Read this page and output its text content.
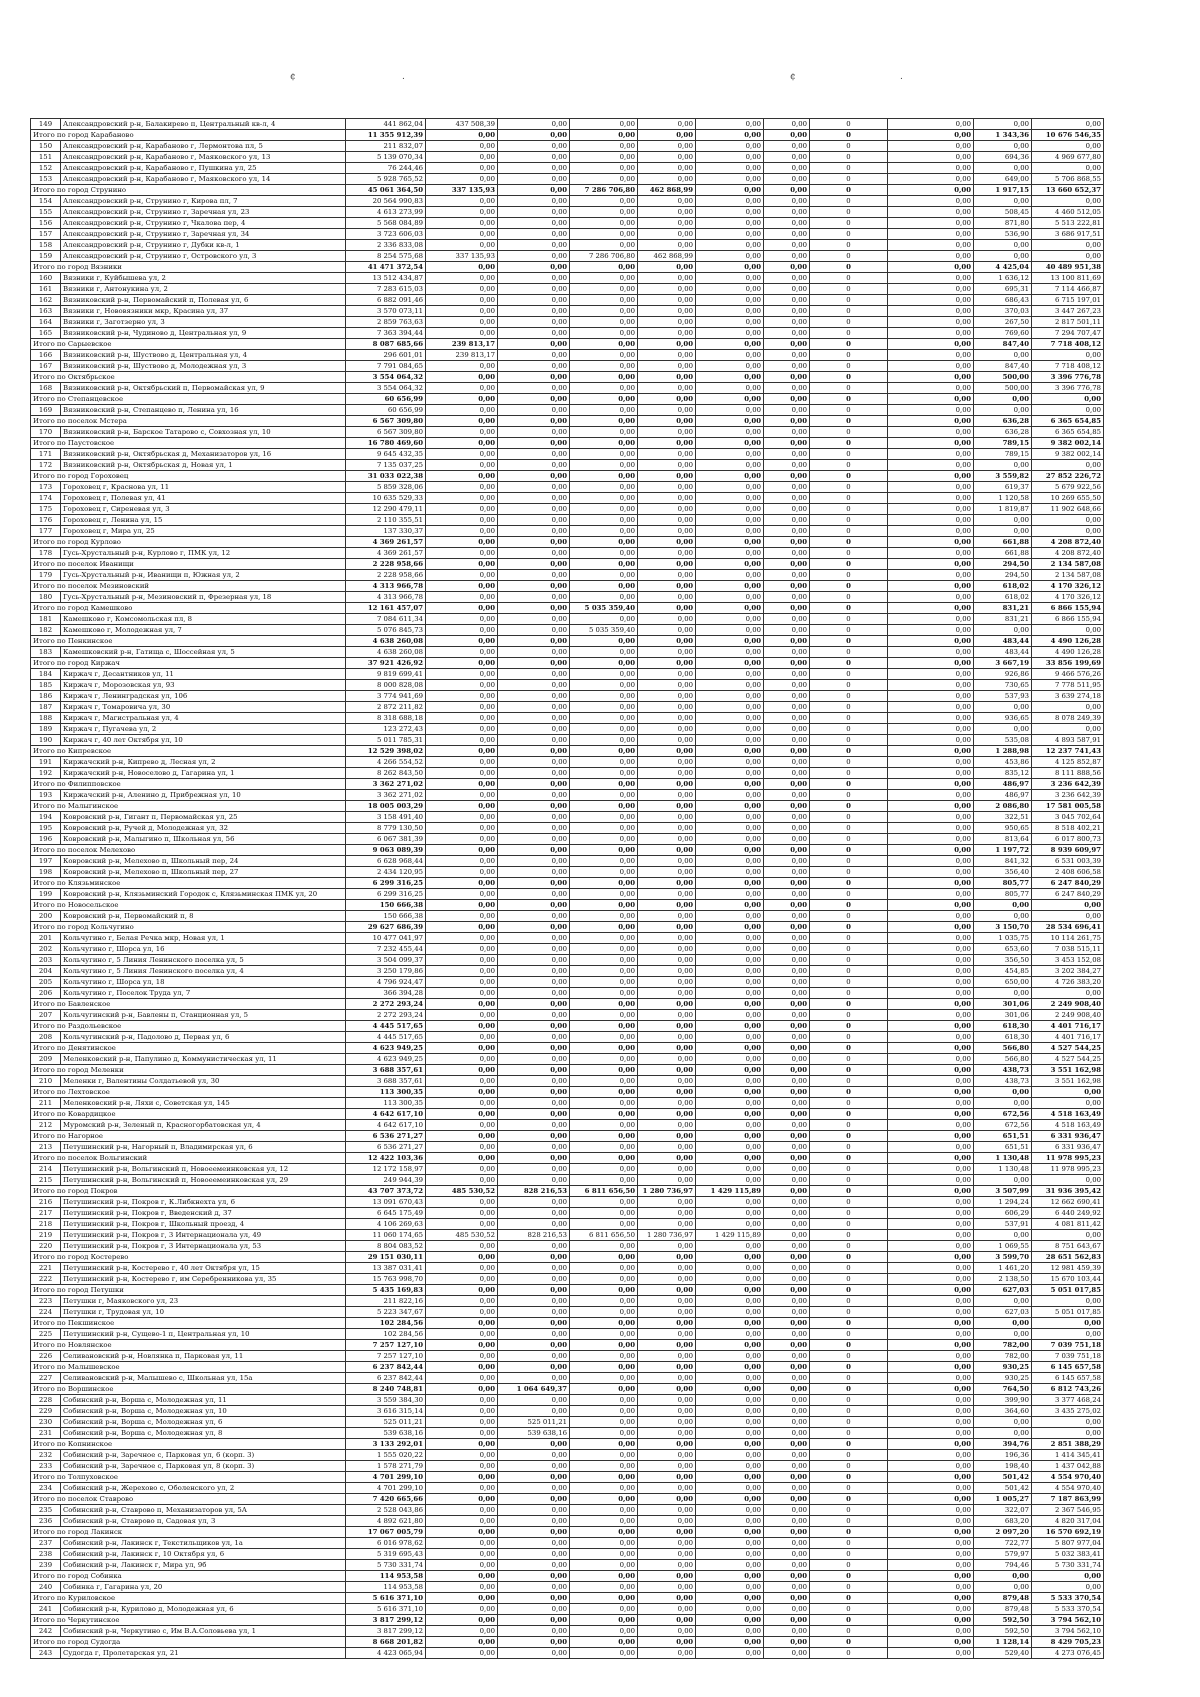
¢	.	¢	.
149	Александровский р-н, Балакирево п, Центральный кв-л, 4	441 862,04	437 508,39	0,00	0,00	0,00	0,00	0,00	0	0,00	0,00	0,00
Итого по город Карабаново		11 355 912,39	0,00	0,00	0,00	0,00	0,00	0,00	0	0,00	1 343,36	10 676 546,35
150	Александровский р-н, Карабаново г, Лермонтова пл, 5	211 832,07	0,00	0,00	0,00	0,00	0,00	0,00	0	0,00	0,00	0,00
151	Александровский р-н, Карабаново г, Маяковского ул, 13	5 139 070,34	0,00	0,00	0,00	0,00	0,00	0,00	0	0,00	694,36	4 969 677,80
152	Александровский р-н, Карабаново г, Пушкина ул, 25	76 244,46	0,00	0,00	0,00	0,00	0,00	0,00	0	0,00	0,00	0,00
153	Александровский р-н, Карабаново г, Маяковского ул, 14	5 928 765,52	0,00	0,00	0,00	0,00	0,00	0,00	0	0,00	649,00	5 706 868,55
Итого по город Струнино		45 061 364,50	337 135,93	0,00	7 286 706,80	462 868,99	0,00	0,00	0	0,00	1 917,15	13 660 652,37
154	Александровский р-н, Струнино г, Кирова пл, 7	20 564 990,83	0,00	0,00	0,00	0,00	0,00	0,00	0	0,00	0,00	0,00
155	Александровский р-н, Струнино г, Заречная ул, 23	4 613 273,99	0,00	0,00	0,00	0,00	0,00	0,00	0	0,00	508,45	4 460 512,05
156	Александровский р-н, Струнино г, Чкалова пер, 4	5 568 084,89	0,00	0,00	0,00	0,00	0,00	0,00	0	0,00	871,80	5 513 222,81
157	Александровский р-н, Струнино г, Заречная ул, 34	3 723 606,03	0,00	0,00	0,00	0,00	0,00	0,00	0	0,00	536,90	3 686 917,51
158	Александровский р-н, Струнино г, Дубки кв-л, 1	2 336 833,08	0,00	0,00	0,00	0,00	0,00	0,00	0	0,00	0,00	0,00
159	Александровский р-н, Струнино г, Островского ул, 3	8 254 575,68	337 135,93	0,00	7 286 706,80	462 868,99	0,00	0,00	0	0,00	0,00	0,00
Итого по город Вязники		41 471 372,54	0,00	0,00	0,00	0,00	0,00	0,00	0	0,00	4 425,04	40 489 951,38
160	Вязники г, Куйбышева ул, 2	13 512 434,87	0,00	0,00	0,00	0,00	0,00	0,00	0	0,00	1 636,12	13 100 811,69
161	Вязники г, Антонукина ул, 2	7 283 615,03	0,00	0,00	0,00	0,00	0,00	0,00	0	0,00	695,31	7 114 466,87
162	Вязниковский р-н, Первомайский п, Полевая ул, 6	6 882 091,46	0,00	0,00	0,00	0,00	0,00	0,00	0	0,00	686,43	6 715 197,01
163	Вязники г, Нововязники мкр, Красина ул, 37	3 570 073,11	0,00	0,00	0,00	0,00	0,00	0,00	0	0,00	370,03	3 447 267,23
164	Вязники г, Заготзерно ул, 3	2 859 763,63	0,00	0,00	0,00	0,00	0,00	0,00	0	0,00	267,50	2 817 501,11
165	Вязниковский р-н, Чудиново д, Центральная ул, 9	7 363 394,44	0,00	0,00	0,00	0,00	0,00	0,00	0	0,00	769,60	7 294 707,47
Итого по Сарыевское		8 087 685,66	239 813,17	0,00	0,00	0,00	0,00	0,00	0	0,00	847,40	7 718 408,12
166	Вязниковский р-н, Шуствово д, Центральная ул, 4	296 601,01	239 813,17	0,00	0,00	0,00	0,00	0,00	0	0,00	0,00	0,00
167	Вязниковский р-н, Шуствово д, Молодежная ул, 3	7 791 084,65	0,00	0,00	0,00	0,00	0,00	0,00	0	0,00	847,40	7 718 408,12
Итого по Октябрьское		3 554 064,32	0,00	0,00	0,00	0,00	0,00	0,00	0	0,00	500,00	3 396 776,78
168	Вязниковский р-н, Октябрьский п, Первомайская ул, 9	3 554 064,32	0,00	0,00	0,00	0,00	0,00	0,00	0	0,00	500,00	3 396 776,78
Итого по Степанцевское		60 656,99	0,00	0,00	0,00	0,00	0,00	0,00	0	0,00	0,00	0,00
169	Вязниковский р-н, Степанцево п, Ленина ул, 16	60 656,99	0,00	0,00	0,00	0,00	0,00	0,00	0	0,00	0,00	0,00
Итого по поселок Мстера		6 567 309,80	0,00	0,00	0,00	0,00	0,00	0,00	0	0,00	636,28	6 365 654,85
170	Вязниковский р-н, Барское Татарово с, Совхозная ул, 10	6 567 309,80	0,00	0,00	0,00	0,00	0,00	0,00	0	0,00	636,28	6 365 654,85
Итого по Паустовское		16 780 469,60	0,00	0,00	0,00	0,00	0,00	0,00	0	0,00	789,15	9 382 002,14
171	Вязниковский р-н, Октябрьская д, Механизаторов ул, 16	9 645 432,35	0,00	0,00	0,00	0,00	0,00	0,00	0	0,00	789,15	9 382 002,14
172	Вязниковский р-н, Октябрьская д, Новая ул, 1	7 135 037,25	0,00	0,00	0,00	0,00	0,00	0,00	0	0,00	0,00	0,00
Итого по город Гороховец		31 033 022,38	0,00	0,00	0,00	0,00	0,00	0,00	0	0,00	3 559,82	27 852 226,72
173	Гороховец г, Краснова ул, 11	5 859 328,06	0,00	0,00	0,00	0,00	0,00	0,00	0	0,00	619,37	5 679 922,56
174	Гороховец г, Полевая ул, 41	10 635 529,33	0,00	0,00	0,00	0,00	0,00	0,00	0	0,00	1 120,58	10 269 655,50
175	Гороховец г, Сиреневая ул, 3	12 290 479,11	0,00	0,00	0,00	0,00	0,00	0,00	0	0,00	1 819,87	11 902 648,66
176	Гороховец г, Ленина ул, 15	2 110 355,51	0,00	0,00	0,00	0,00	0,00	0,00	0	0,00	0,00	0,00
177	Гороховец г, Мира ул, 25	137 330,37	0,00	0,00	0,00	0,00	0,00	0,00	0	0,00	0,00	0,00
Итого по город Курлово		4 369 261,57	0,00	0,00	0,00	0,00	0,00	0,00	0	0,00	661,88	4 208 872,40
178	Гусь-Хрустальный р-н, Курлово г, ПМК ул, 12	4 369 261,57	0,00	0,00	0,00	0,00	0,00	0,00	0	0,00	661,88	4 208 872,40
Итого по поселок Иванищи		2 228 958,66	0,00	0,00	0,00	0,00	0,00	0,00	0	0,00	294,50	2 134 587,08
179	Гусь-Хрустальный р-н, Иванищи п, Южная ул, 2	2 228 958,66	0,00	0,00	0,00	0,00	0,00	0,00	0	0,00	294,50	2 134 587,08
Итого по поселок Мезиновский		4 313 966,78	0,00	0,00	0,00	0,00	0,00	0,00	0	0,00	618,02	4 170 326,12
180	Гусь-Хрустальный р-н, Мезиновский п, Фрезерная ул, 18	4 313 966,78	0,00	0,00	0,00	0,00	0,00	0,00	0	0,00	618,02	4 170 326,12
Итого по город Камешково		12 161 457,07	0,00	0,00	5 035 359,40	0,00	0,00	0,00	0	0,00	831,21	6 866 155,94
181	Камешково г, Комсомольская пл, 8	7 084 611,34	0,00	0,00	0,00	0,00	0,00	0,00	0	0,00	831,21	6 866 155,94
182	Камешково г, Молодежная ул, 7	5 076 845,73	0,00	0,00	5 035 359,40	0,00	0,00	0,00	0	0,00	0,00	0,00
Итого по Пенкинское		4 638 260,08	0,00	0,00	0,00	0,00	0,00	0,00	0	0,00	483,44	4 490 126,28
183	Камешковский р-н, Гатища с, Шоссейная ул, 5	4 638 260,08	0,00	0,00	0,00	0,00	0,00	0,00	0	0,00	483,44	4 490 126,28
Итого по город Киржач		37 921 426,92	0,00	0,00	0,00	0,00	0,00	0,00	0	0,00	3 667,19	33 856 199,69
184	Киржач г, Десантников ул, 11	9 819 699,41	0,00	0,00	0,00	0,00	0,00	0,00	0	0,00	926,86	9 466 576,26
185	Киржач г, Морозовская ул, 93	8 000 828,08	0,00	0,00	0,00	0,00	0,00	0,00	0	0,00	730,65	7 778 511,95
186	Киржач г, Ленинградская ул, 106	3 774 941,69	0,00	0,00	0,00	0,00	0,00	0,00	0	0,00	537,93	3 639 274,18
187	Киржач г, Томаровича ул, 30	2 872 211,82	0,00	0,00	0,00	0,00	0,00	0,00	0	0,00	0,00	0,00
188	Киржач г, Магистральная ул, 4	8 318 688,18	0,00	0,00	0,00	0,00	0,00	0,00	0	0,00	936,65	8 078 249,39
189	Киржач г, Пугачева ул, 2	123 272,43	0,00	0,00	0,00	0,00	0,00	0,00	0	0,00	0,00	0,00
190	Киржач г, 40 лет Октября ул, 10	5 011 785,31	0,00	0,00	0,00	0,00	0,00	0,00	0	0,00	535,08	4 893 587,91
Итого по Кипревское		12 529 398,02	0,00	0,00	0,00	0,00	0,00	0,00	0	0,00	1 288,98	12 237 741,43
191	Киржачский р-н, Кипрево д, Лесная ул, 2	4 266 554,52	0,00	0,00	0,00	0,00	0,00	0,00	0	0,00	453,86	4 125 852,87
192	Киржачский р-н, Новоселово д, Гагарина ул, 1	8 262 843,50	0,00	0,00	0,00	0,00	0,00	0,00	0	0,00	835,12	8 111 888,56
Итого по Филипповское		3 362 271,02	0,00	0,00	0,00	0,00	0,00	0,00	0	0,00	486,97	3 236 642,39
193	Киржачский р-н, Аленино д, Прибрежная ул, 10	3 362 271,02	0,00	0,00	0,00	0,00	0,00	0,00	0	0,00	486,97	3 236 642,39
Итого по Малыгинское		18 005 003,29	0,00	0,00	0,00	0,00	0,00	0,00	0	0,00	2 086,80	17 581 005,58
194	Ковровский р-н, Гигант п, Первомайская ул, 25	3 158 491,40	0,00	0,00	0,00	0,00	0,00	0,00	0	0,00	322,51	3 045 702,64
195	Ковровский р-н, Ручей д, Молодежная ул, 32	8 779 130,50	0,00	0,00	0,00	0,00	0,00	0,00	0	0,00	950,65	8 518 402,21
196	Ковровский р-н, Малыгино п, Школьная ул, 56	6 067 381,39	0,00	0,00	0,00	0,00	0,00	0,00	0	0,00	813,64	6 017 800,73
Итого по поселок Мелехово		9 063 089,39	0,00	0,00	0,00	0,00	0,00	0,00	0	0,00	1 197,72	8 939 609,97
197	Ковровский р-н, Мелехово п, Школьный пер, 24	6 628 968,44	0,00	0,00	0,00	0,00	0,00	0,00	0	0,00	841,32	6 531 003,39
198	Ковровский р-н, Мелехово п, Школьный пер, 27	2 434 120,95	0,00	0,00	0,00	0,00	0,00	0,00	0	0,00	356,40	2 408 606,58
Итого по Клязьминское		6 299 316,25	0,00	0,00	0,00	0,00	0,00	0,00	0	0,00	805,77	6 247 840,29
199	Ковровский р-н, Клязьминский Городок с, Клязьминская ПМК ул, 20	6 299 316,25	0,00	0,00	0,00	0,00	0,00	0,00	0	0,00	805,77	6 247 840,29
Итого по Новосельское		150 666,38	0,00	0,00	0,00	0,00	0,00	0,00	0	0,00	0,00	0,00
200	Ковровский р-н, Первомайский п, 8	150 666,38	0,00	0,00	0,00	0,00	0,00	0,00	0	0,00	0,00	0,00
Итого по город Кольчугино		29 627 686,39	0,00	0,00	0,00	0,00	0,00	0,00	0	0,00	3 150,70	28 534 696,41
201	Кольчугино г, Белая Речка мкр, Новая ул, 1	10 477 041,97	0,00	0,00	0,00	0,00	0,00	0,00	0	0,00	1 035,75	10 114 261,75
202	Кольчугино г, Шорса ул, 16	7 232 455,44	0,00	0,00	0,00	0,00	0,00	0,00	0	0,00	653,60	7 038 515,11
203	Кольчугино г, 5 Линия Ленинского поселка ул, 5	3 504 099,37	0,00	0,00	0,00	0,00	0,00	0,00	0	0,00	356,50	3 453 152,08
204	Кольчугино г, 5 Линия Ленинского поселка ул, 4	3 250 179,86	0,00	0,00	0,00	0,00	0,00	0,00	0	0,00	454,85	3 202 384,27
205	Кольчугино г, Шорса ул, 18	4 796 924,47	0,00	0,00	0,00	0,00	0,00	0,00	0	0,00	650,00	4 726 383,20
206	Кольчугино г, Поселок Труда ул, 7	366 394,28	0,00	0,00	0,00	0,00	0,00	0,00	0	0,00	0,00	0,00
Итого по Бавленское		2 272 293,24	0,00	0,00	0,00	0,00	0,00	0,00	0	0,00	301,06	2 249 908,40
207	Кольчугинский р-н, Бавлены п, Станционная ул, 5	2 272 293,24	0,00	0,00	0,00	0,00	0,00	0,00	0	0,00	301,06	2 249 908,40
Итого по Раздольевское		4 445 517,65	0,00	0,00	0,00	0,00	0,00	0,00	0	0,00	618,30	4 401 716,17
208	Кольчугинский р-н, Падолово д, Первая ул, 6	4 445 517,65	0,00	0,00	0,00	0,00	0,00	0,00	0	0,00	618,30	4 401 716,17
Итого по Денятинское		4 623 949,25	0,00	0,00	0,00	0,00	0,00	0,00	0	0,00	566,80	4 527 544,25
209	Меленковский р-н, Папулино д, Коммунистическая ул, 11	4 623 949,25	0,00	0,00	0,00	0,00	0,00	0,00	0	0,00	566,80	4 527 544,25
Итого по город Меленки		3 688 357,61	0,00	0,00	0,00	0,00	0,00	0,00	0	0,00	438,73	3 551 162,98
210	Меленки г, Валентины Солдатьевой ул, 30	3 688 357,61	0,00	0,00	0,00	0,00	0,00	0,00	0	0,00	438,73	3 551 162,98
Итого по Лехтовское		113 300,35	0,00	0,00	0,00	0,00	0,00	0,00	0	0,00	0,00	0,00
211	Меленковский р-н, Ляхи с, Советская ул, 145	113 300,35	0,00	0,00	0,00	0,00	0,00	0,00	0	0,00	0,00	0,00
Итого по Ковардицкое		4 642 617,10	0,00	0,00	0,00	0,00	0,00	0,00	0	0,00	672,56	4 518 163,49
212	Муромский р-н, Зеленый п, Красногорбатовская ул, 4	4 642 617,10	0,00	0,00	0,00	0,00	0,00	0,00	0	0,00	672,56	4 518 163,49
Итого по Нагорное		6 536 271,27	0,00	0,00	0,00	0,00	0,00	0,00	0	0,00	651,51	6 331 936,47
213	Петушинский р-н, Нагорный п, Владимирская ул, 6	6 536 271,27	0,00	0,00	0,00	0,00	0,00	0,00	0	0,00	651,51	6 331 936,47
Итого по поселок Вольгинский		12 422 103,36	0,00	0,00	0,00	0,00	0,00	0,00	0	0,00	1 130,48	11 978 995,23
214	Петушинский р-н, Вольгинский п, Новоеемеинковская ул, 12	12 172 158,97	0,00	0,00	0,00	0,00	0,00	0,00	0	0,00	1 130,48	11 978 995,23
215	Петушинский р-н, Вольгинский п, Новоеемеинковская ул, 29	249 944,39	0,00	0,00	0,00	0,00	0,00	0,00	0	0,00	0,00	0,00
Итого по город Покров		43 707 373,72	485 530,52	828 216,53	6 811 656,50	1 280 736,97	1 429 115,89	0,00	0	0,00	3 507,99	31 936 395,42
216	Петушинский р-н, Покров г, К.Либкнехта ул, 6	13 091 670,43	0,00	0,00	0,00	0,00	0,00	0,00	0	0,00	1 294,24	12 662 690,41
217	Петушинский р-н, Покров г, Введенский д, 37	6 645 175,49	0,00	0,00	0,00	0,00	0,00	0,00	0	0,00	606,29	6 440 249,92
218	Петушинский р-н, Покров г, Школьный проезд, 4	4 106 269,63	0,00	0,00	0,00	0,00	0,00	0,00	0	0,00	537,91	4 081 811,42
219	Петушинский р-н, Покров г, 3 Интернационала ул, 49	11 060 174,65	485 530,52	828 216,53	6 811 656,50	1 280 736,97	1 429 115,89	0,00	0	0,00	0,00	0,00
220	Петушинский р-н, Покров г, 3 Интернационала ул, 53	8 804 083,52	0,00	0,00	0,00	0,00	0,00	0,00	0	0,00	1 069,55	8 751 643,67
Итого по город Костерево		29 151 030,11	0,00	0,00	0,00	0,00	0,00	0,00	0	0,00	3 599,70	28 651 562,83
221	Петушинский р-н, Костерево г, 40 лет Октября ул, 15	13 387 031,41	0,00	0,00	0,00	0,00	0,00	0,00	0	0,00	1 461,20	12 981 459,39
222	Петушинский р-н, Костерево г, им Серебренникова ул, 35	15 763 998,70	0,00	0,00	0,00	0,00	0,00	0,00	0	0,00	2 138,50	15 670 103,44
Итого по город Петушки		5 435 169,83	0,00	0,00	0,00	0,00	0,00	0,00	0	0,00	627,03	5 051 017,85
223	Петушки г, Маяковского ул, 23	211 822,16	0,00	0,00	0,00	0,00	0,00	0,00	0	0,00	0,00	0,00
224	Петушки г, Трудовая ул, 10	5 223 347,67	0,00	0,00	0,00	0,00	0,00	0,00	0	0,00	627,03	5 051 017,85
Итого по Пекшинское		102 284,56	0,00	0,00	0,00	0,00	0,00	0,00	0	0,00	0,00	0,00
225	Петушинский р-н, Сущево-1 п, Центральная ул, 10	102 284,56	0,00	0,00	0,00	0,00	0,00	0,00	0	0,00	0,00	0,00
Итого по Новлянское		7 257 127,10	0,00	0,00	0,00	0,00	0,00	0,00	0	0,00	782,00	7 039 751,18
226	Селивановский р-н, Новлянка п, Парковая ул, 11	7 257 127,10	0,00	0,00	0,00	0,00	0,00	0,00	0	0,00	782,00	7 039 751,18
Итого по Малышевское		6 237 842,44	0,00	0,00	0,00	0,00	0,00	0,00	0	0,00	930,25	6 145 657,58
227	Селивановский р-н, Малышево с, Школьная ул, 15а	6 237 842,44	0,00	0,00	0,00	0,00	0,00	0,00	0	0,00	930,25	6 145 657,58
Итого по Воршинское		8 240 748,81	0,00	1 064 649,37	0,00	0,00	0,00	0,00	0	0,00	764,50	6 812 743,26
228	Собинский р-н, Ворша с, Молодежная ул, 11	3 559 384,30	0,00	0,00	0,00	0,00	0,00	0,00	0	0,00	399,90	3 377 468,24
229	Собинский р-н, Ворша с, Молодежная ул, 10	3 616 315,14	0,00	0,00	0,00	0,00	0,00	0,00	0	0,00	364,60	3 435 275,02
230	Собинский р-н, Ворша с, Молодежная ул, 6	525 011,21	0,00	525 011,21	0,00	0,00	0,00	0,00	0	0,00	0,00	0,00
231	Собинский р-н, Ворша с, Молодежная ул, 8	539 638,16	0,00	539 638,16	0,00	0,00	0,00	0,00	0	0,00	0,00	0,00
Итого по Копнинское		3 133 292,01	0,00	0,00	0,00	0,00	0,00	0,00	0	0,00	394,76	2 851 388,29
232	Собинский р-н, Заречное с, Парковая ул, 6 (корп. 3)	1 555 020,22	0,00	0,00	0,00	0,00	0,00	0,00	0	0,00	196,36	1 414 345,41
233	Собинский р-н, Заречное с, Парковая ул, 8 (корп. 3)	1 578 271,79	0,00	0,00	0,00	0,00	0,00	0,00	0	0,00	198,40	1 437 042,88
Итого по Толпуховское		4 701 299,10	0,00	0,00	0,00	0,00	0,00	0,00	0	0,00	501,42	4 554 970,40
234	Собинский р-н, Жерехово с, Оболенского ул, 2	4 701 299,10	0,00	0,00	0,00	0,00	0,00	0,00	0	0,00	501,42	4 554 970,40
Итого по поселок Ставрово		7 420 665,66	0,00	0,00	0,00	0,00	0,00	0,00	0	0,00	1 005,27	7 187 863,99
235	Собинский р-н, Ставрово п, Механизаторов ул, 5А	2 528 043,86	0,00	0,00	0,00	0,00	0,00	0,00	0	0,00	322,07	2 367 546,95
236	Собинский р-н, Ставрово п, Садовая ул, 3	4 892 621,80	0,00	0,00	0,00	0,00	0,00	0,00	0	0,00	683,20	4 820 317,04
Итого по город Лакинск		17 067 005,79	0,00	0,00	0,00	0,00	0,00	0,00	0	0,00	2 097,20	16 570 692,19
237	Собинский р-н, Лакинск г, Текстильщиков ул, 1а	6 016 978,62	0,00	0,00	0,00	0,00	0,00	0,00	0	0,00	722,77	5 807 977,04
238	Собинский р-н, Лакинск г, 10 Октября ул, 6	5 319 695,43	0,00	0,00	0,00	0,00	0,00	0,00	0	0,00	579,97	5 032 383,41
239	Собинский р-н, Лакинск г, Мира ул, 9б	5 730 331,74	0,00	0,00	0,00	0,00	0,00	0,00	0	0,00	794,46	5 730 331,74
Итого по город Собинка		114 953,58	0,00	0,00	0,00	0,00	0,00	0,00	0	0,00	0,00	0,00
240	Собинка г, Гагарина ул, 20	114 953,58	0,00	0,00	0,00	0,00	0,00	0,00	0	0,00	0,00	0,00
Итого по Куриловское		5 616 371,10	0,00	0,00	0,00	0,00	0,00	0,00	0	0,00	879,48	5 533 370,54
241	Собинский р-н, Курилово д, Молодежная ул, 6	5 616 371,10	0,00	0,00	0,00	0,00	0,00	0,00	0	0,00	879,48	5 533 370,54
Итого по Черкутинское		3 817 299,12	0,00	0,00	0,00	0,00	0,00	0,00	0	0,00	592,50	3 794 562,10
242	Собинский р-н, Черкутино с, Им В.А.Соловьева ул, 1	3 817 299,12	0,00	0,00	0,00	0,00	0,00	0,00	0	0,00	592,50	3 794 562,10
Итого по город Судогда		8 668 201,82	0,00	0,00	0,00	0,00	0,00	0,00	0	0,00	1 128,14	8 429 705,23
243	Судогда г, Пролетарская ул, 21	4 423 065,94	0,00	0,00	0,00	0,00	0,00	0,00	0	0,00	529,40	4 273 076,45
